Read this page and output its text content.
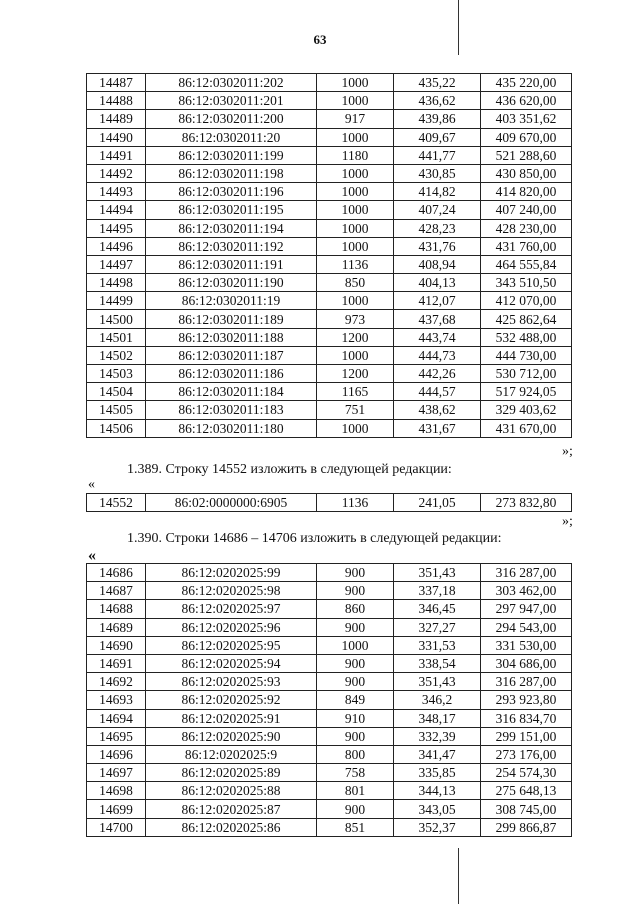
63
14487	86:12:0302011:202	1000	435,22	435 220,00
14488	86:12:0302011:201	1000	436,62	436 620,00
14489	86:12:0302011:200	917	439,86	403 351,62
14490	86:12:0302011:20	1000	409,67	409 670,00
14491	86:12:0302011:199	1180	441,77	521 288,60
14492	86:12:0302011:198	1000	430,85	430 850,00
14493	86:12:0302011:196	1000	414,82	414 820,00
14494	86:12:0302011:195	1000	407,24	407 240,00
14495	86:12:0302011:194	1000	428,23	428 230,00
14496	86:12:0302011:192	1000	431,76	431 760,00
14497	86:12:0302011:191	1136	408,94	464 555,84
14498	86:12:0302011:190	850	404,13	343 510,50
14499	86:12:0302011:19	1000	412,07	412 070,00
14500	86:12:0302011:189	973	437,68	425 862,64
14501	86:12:0302011:188	1200	443,74	532 488,00
14502	86:12:0302011:187	1000	444,73	444 730,00
14503	86:12:0302011:186	1200	442,26	530 712,00
14504	86:12:0302011:184	1165	444,57	517 924,05
14505	86:12:0302011:183	751	438,62	329 403,62
14506	86:12:0302011:180	1000	431,67	431 670,00
»;
1.389. Строку 14552 изложить в следующей редакции:
«
14552	86:02:0000000:6905	1136	241,05	273 832,80
»;
1.390. Строки 14686 – 14706 изложить в следующей редакции:
«
14686	86:12:0202025:99	900	351,43	316 287,00
14687	86:12:0202025:98	900	337,18	303 462,00
14688	86:12:0202025:97	860	346,45	297 947,00
14689	86:12:0202025:96	900	327,27	294 543,00
14690	86:12:0202025:95	1000	331,53	331 530,00
14691	86:12:0202025:94	900	338,54	304 686,00
14692	86:12:0202025:93	900	351,43	316 287,00
14693	86:12:0202025:92	849	346,2	293 923,80
14694	86:12:0202025:91	910	348,17	316 834,70
14695	86:12:0202025:90	900	332,39	299 151,00
14696	86:12:0202025:9	800	341,47	273 176,00
14697	86:12:0202025:89	758	335,85	254 574,30
14698	86:12:0202025:88	801	344,13	275 648,13
14699	86:12:0202025:87	900	343,05	308 745,00
14700	86:12:0202025:86	851	352,37	299 866,87
